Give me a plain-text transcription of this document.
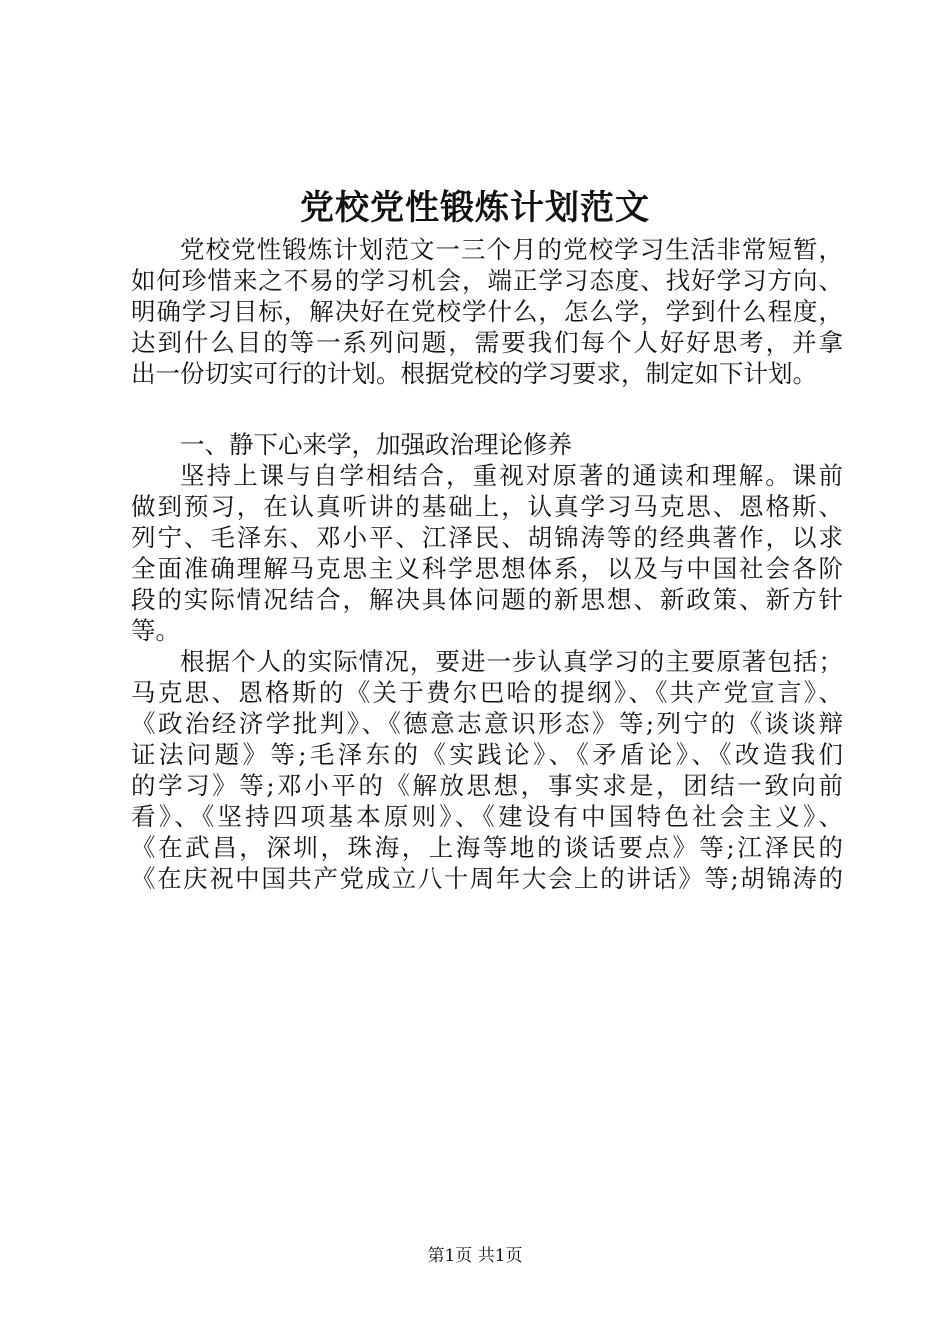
党校党性锻炼计划范文
党校党性锻炼计划范文一三个月的党校学习生活非常短暂，
如何珍惜来之不易的学习机会，端正学习态度、找好学习方向、
明确学习目标，解决好在党校学什么，怎么学，学到什么程度，
达到什么目的等一系列问题，需要我们每个人好好思考，并拿
出一份切实可行的计划。根据党校的学习要求，制定如下计划。
一、静下心来学，加强政治理论修养
坚持上课与自学相结合，重视对原著的通读和理解。课前
做到预习，在认真听讲的基础上，认真学习马克思、恩格斯、
列宁、毛泽东、邓小平、江泽民、胡锦涛等的经典著作，以求
全面准确理解马克思主义科学思想体系，以及与中国社会各阶
段的实际情况结合，解决具体问题的新思想、新政策、新方针
等。
根据个人的实际情况，要进一步认真学习的主要原著包括；
马克思、恩格斯的《关于费尔巴哈的提纲》、《共产党宣言》、
《政治经济学批判》、《德意志意识形态》等;列宁的《谈谈辩
证法问题》等;毛泽东的《实践论》、《矛盾论》、《改造我们
的学习》等;邓小平的《解放思想，事实求是，团结一致向前
看》、《坚持四项基本原则》、《建设有中国特色社会主义》、
《在武昌，深圳，珠海，上海等地的谈话要点》等;江泽民的
《在庆祝中国共产党成立八十周年大会上的讲话》等;胡锦涛的
第1页 共1页
